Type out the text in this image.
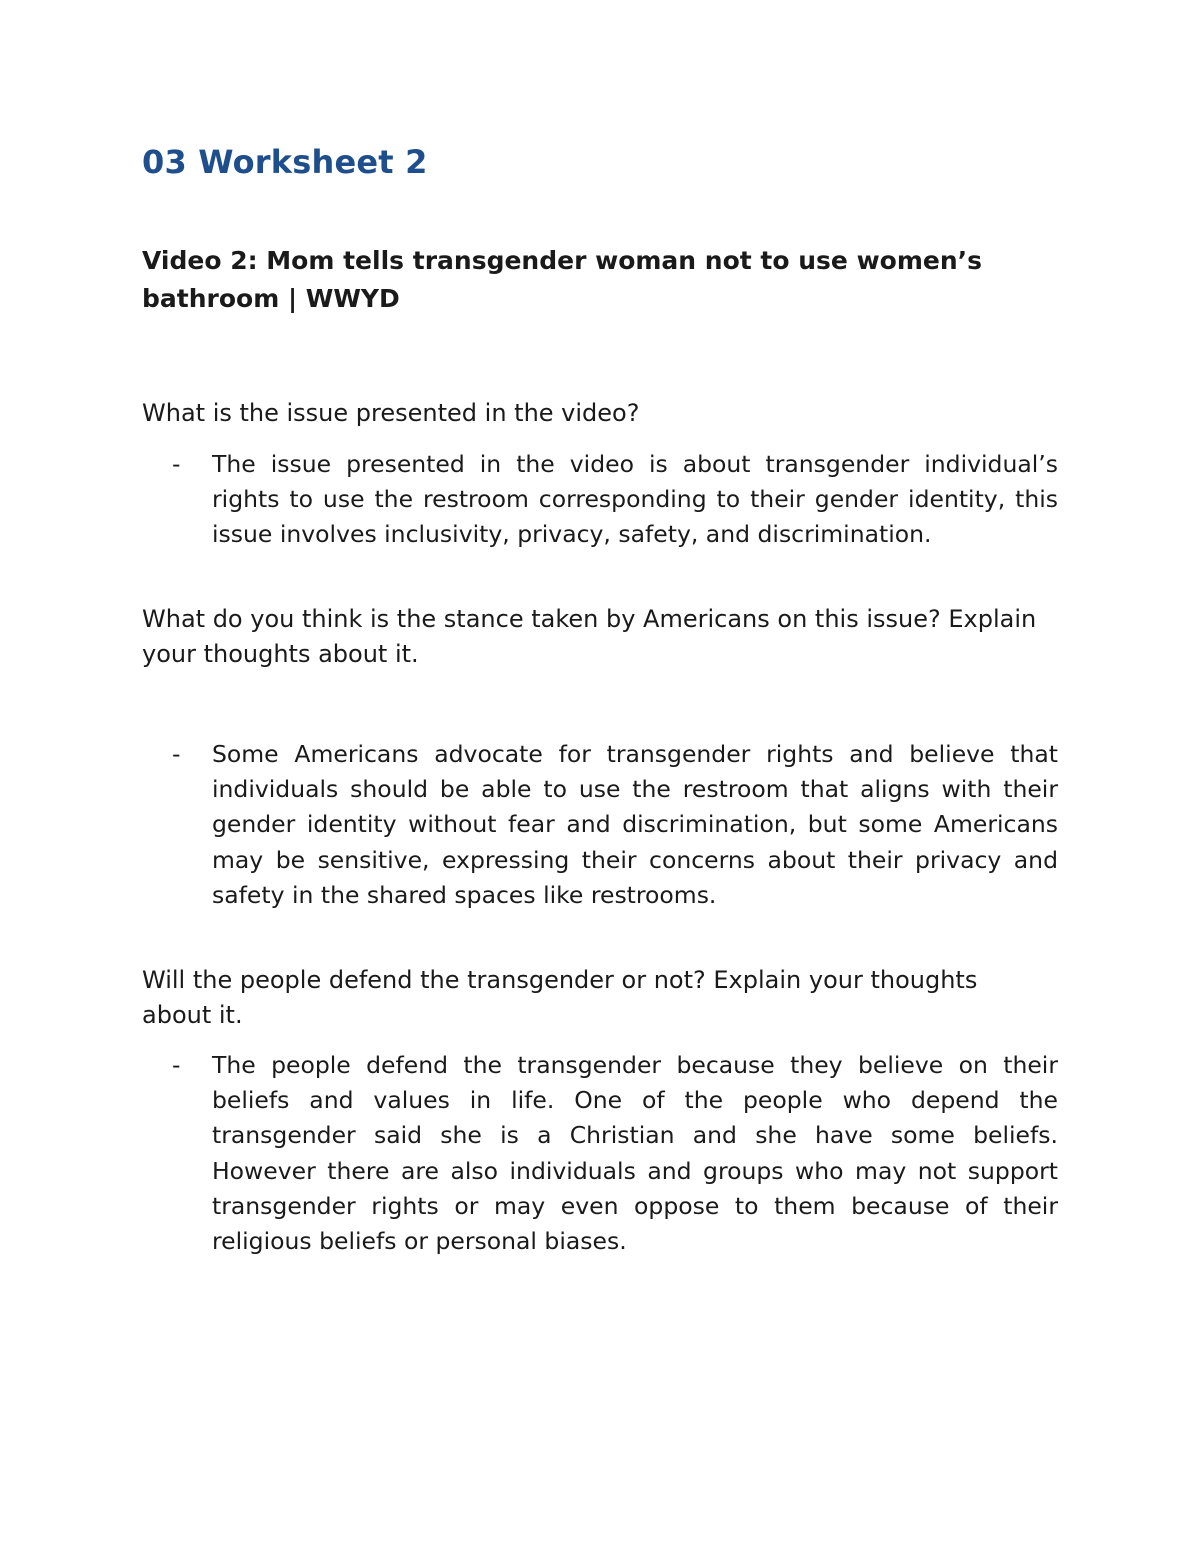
03 Worksheet 2
Video 2: Mom tells transgender woman not to use women’s bathroom | WWYD

What is the issue presented in the video?

-	The issue presented in the video is about transgender individual’s rights to use the restroom corresponding to their gender identity, this issue involves inclusivity, privacy, safety, and discrimination.

What do you think is the stance taken by Americans on this issue? Explain your thoughts about it.

-	Some Americans advocate for transgender rights and believe that individuals should be able to use the restroom that aligns with their gender identity without fear and discrimination, but some Americans may be sensitive, expressing their concerns about their privacy and safety in the shared spaces like restrooms.

Will the people defend the transgender or not? Explain your thoughts about it.

-	The people defend the transgender because they believe on their beliefs and values in life. One of the people who depend the transgender said she is a Christian and she have some beliefs. However there are also individuals and groups who may not support transgender rights or may even oppose to them because of their religious beliefs or personal biases.
